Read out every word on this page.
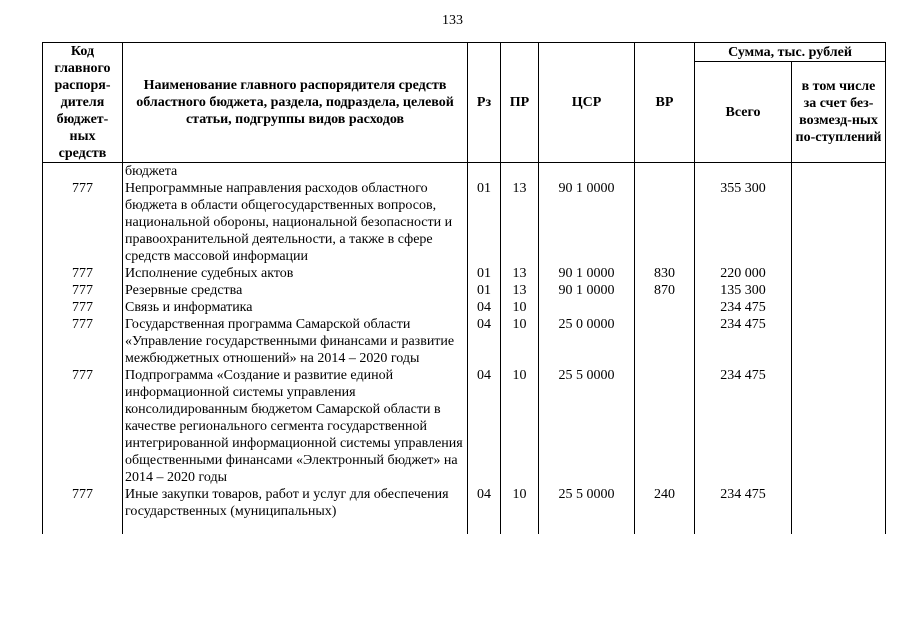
133
Код главного распоря-дителя бюджет-ных средств	Наименование главного распорядителя средств областного бюджета, раздела, подраздела, целевой статьи, подгруппы видов расходов	Рз	ПР	ЦСР	ВР	Сумма, тыс. рублей	
						Всего	в том числе за счет без-возмезд-ных по-ступлений
	бюджета						
777	Непрограммные направления расходов областного бюджета в области общегосударственных вопросов, национальной обороны, национальной безопасности и правоохранительной деятельности, а также в сфере средств массовой информации	01	13	90 1 0000		355 300	
777	Исполнение судебных актов	01	13	90 1 0000	830	220 000	
777	Резервные средства	01	13	90 1 0000	870	135 300	
777	Связь и информатика	04	10			234 475	
777	Государственная программа Самарской области «Управление государственными финансами и развитие межбюджетных отношений» на 2014 – 2020 годы	04	10	25 0 0000		234 475	
777	Подпрограмма «Создание и развитие единой информационной системы управления консолидированным бюджетом Самарской области в качестве регионального сегмента государственной интегрированной информационной системы управления общественными финансами «Электронный бюджет» на 2014 – 2020 годы	04	10	25 5 0000		234 475	
777	Иные закупки товаров, работ и услуг для обеспечения государственных (муниципальных)	04	10	25 5 0000	240	234 475	
